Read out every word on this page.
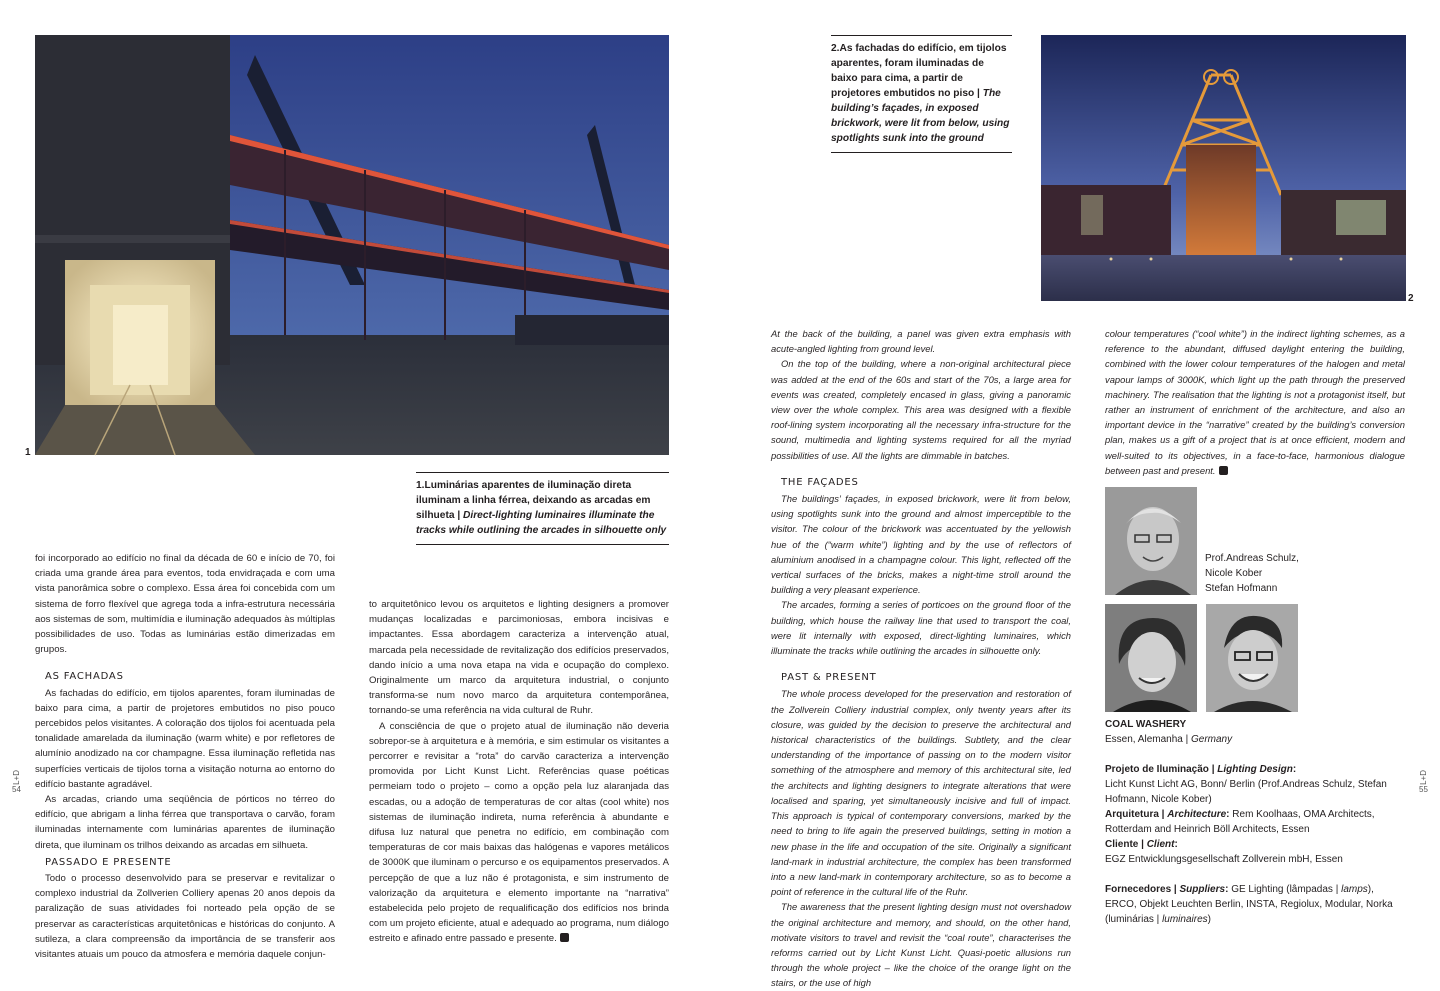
1
1.Luminárias aparentes de iluminação direta iluminam a linha férrea, deixando as arcadas em silhueta | Direct-lighting luminaires illuminate the tracks while outlining the arcades in silhouette only
2
2.As fachadas do edifício, em tijolos aparentes, foram iluminadas de baixo para cima, a partir de projetores embutidos no piso | The building’s façades, in exposed brickwork, were lit from below, using spotlights sunk into the ground

foi incorporado ao edifício no final da década de 60 e início de 70, foi criada uma grande área para eventos, toda envidraçada e com uma vista panorâmica sobre o complexo. Essa área foi concebida com um sistema de forro flexível que agrega toda a infra-estrutura necessária aos sistemas de som, multimídia e iluminação adequados às múltiplas possibilidades de uso. Todas as luminárias estão dimerizadas em grupos.

AS FACHADAS

As fachadas do edifício, em tijolos aparentes, foram iluminadas de baixo para cima, a partir de projetores embutidos no piso pouco percebidos pelos visitantes. A coloração dos tijolos foi acentuada pela tonalidade amarelada da iluminação (warm white) e por refletores de alumínio anodizado na cor champagne. Essa iluminação refletida nas superfícies verticais de tijolos torna a visitação noturna ao entorno do edifício bastante agradável.

As arcadas, criando uma seqüência de pórticos no térreo do edifício, que abrigam a linha férrea que transportava o carvão, foram iluminadas internamente com luminárias aparentes de iluminação direta, que iluminam os trilhos deixando as arcadas em silhueta.

PASSADO E PRESENTE

Todo o processo desenvolvido para se preservar e revitalizar o complexo industrial da Zollverien Colliery apenas 20 anos depois da paralização de suas atividades foi norteado pela opção de se preservar as características arquitetônicas e históricas do conjunto. A sutileza, a clara compreensão da importância de se transferir aos visitantes atuais um pouco da atmosfera e memória daquele conjun-

to arquitetônico levou os arquitetos e lighting designers a promover mudanças localizadas e parcimoniosas, embora incisivas e impactantes. Essa abordagem caracteriza a intervenção atual, marcada pela necessidade de revitalização dos edifícios preservados, dando início a uma nova etapa na vida e ocupação do complexo. Originalmente um marco da arquitetura industrial, o conjunto transforma-se num novo marco da arquitetura contemporânea, tornando-se uma referência na vida cultural de Ruhr.

A consciência de que o projeto atual de iluminação não deveria sobrepor-se à arquitetura e à memória, e sim estimular os visitantes a percorrer e revisitar a “rota” do carvão caracteriza a intervenção promovida por Licht Kunst Licht. Referências quase poéticas permeiam todo o projeto – como a opção pela luz alaranjada das escadas, ou a adoção de temperaturas de cor altas (cool white) nos sistemas de iluminação indireta, numa referência à abundante e difusa luz natural que penetra no edifício, em combinação com temperaturas de cor mais baixas das halógenas e vapores metálicos de 3000K que iluminam o percurso e os equipamentos preservados. A percepção de que a luz não é protagonista, e sim instrumento de valorização da arquitetura e elemento importante na “narrativa” estabelecida pelo projeto de requalificação dos edifícios nos brinda com um projeto eficiente, atual e adequado ao programa, num diálogo estreito e afinado entre passado e presente.

At the back of the building, a panel was given extra emphasis with acute-angled lighting from ground level.

On the top of the building, where a non-original architectural piece was added at the end of the 60s and start of the 70s, a large area for events was created, completely encased in glass, giving a panoramic view over the whole complex. This area was designed with a flexible roof-lining system incorporating all the necessary infra-structure for the sound, multimedia and lighting systems required for all the myriad possibilities of use. All the lights are dimmable in batches.

THE FAÇADES

The buildings’ façades, in exposed brickwork, were lit from below, using spotlights sunk into the ground and almost imperceptible to the visitor. The colour of the brickwork was accentuated by the yellowish hue of the (“warm white”) lighting and by the use of reflectors of aluminium anodised in a champagne colour. This light, reflected off the vertical surfaces of the bricks, makes a night-time stroll around the building a very pleasant experience.

The arcades, forming a series of porticoes on the ground floor of the building, which house the railway line that used to transport the coal, were lit internally with exposed, direct-lighting luminaires, which illuminate the tracks while outlining the arcades in silhouette only.

PAST & PRESENT

The whole process developed for the preservation and restoration of the Zollverein Colliery industrial complex, only twenty years after its closure, was guided by the decision to preserve the architectural and historical characteristics of the buildings. Subtlety, and the clear understanding of the importance of passing on to the modern visitor something of the atmosphere and memory of this architectural site, led the architects and lighting designers to integrate alterations that were localised and sparing, yet simultaneously incisive and full of impact. This approach is typical of contemporary conversions, marked by the need to bring to life again the preserved buildings, setting in motion a new phase in the life and occupation of the site. Originally a significant land-mark in industrial architecture, the complex has been transformed into a new land-mark in contemporary architecture, so as to become a point of reference in the cultural life of the Ruhr.

The awareness that the present lighting design must not overshadow the original architecture and memory, and should, on the other hand, motivate visitors to travel and revisit the “coal route”, characterises the reforms carried out by Licht Kunst Licht. Quasi-poetic allusions run through the whole project – like the choice of the orange light on the stairs, or the use of high

colour temperatures (“cool white”) in the indirect lighting schemes, as a reference to the abundant, diffused daylight entering the building, combined with the lower colour temperatures of the halogen and metal vapour lamps of 3000K, which light up the path through the preserved machinery. The realisation that the lighting is not a protagonist itself, but rather an instrument of enrichment of the architecture, and also an important device in the “narrative” created by the building’s conversion plan, makes us a gift of a project that is at once efficient, modern and well-suited to its objectives, in a face-to-face, harmonious dialogue between past and present.

Prof.Andreas Schulz,
Nicole Kober
Stefan Hofmann
COAL WASHERY
Essen, Alemanha | Germany
Projeto de Iluminação | Lighting Design:
Licht Kunst Licht AG, Bonn/ Berlin (Prof.Andreas Schulz, Stefan Hofmann, Nicole Kober)
Arquitetura | Architecture: Rem Koolhaas, OMA Architects, Rotterdam and Heinrich Böll Architects, Essen
Cliente | Client:
EGZ Entwicklungsgesellschaft Zollverein mbH, Essen
Fornecedores | Suppliers: GE Lighting (lâmpadas | lamps), ERCO, Objekt Leuchten Berlin, INSTA, Regiolux, Modular, Norka (luminárias | luminaires)
L+D
54
L+D
55
